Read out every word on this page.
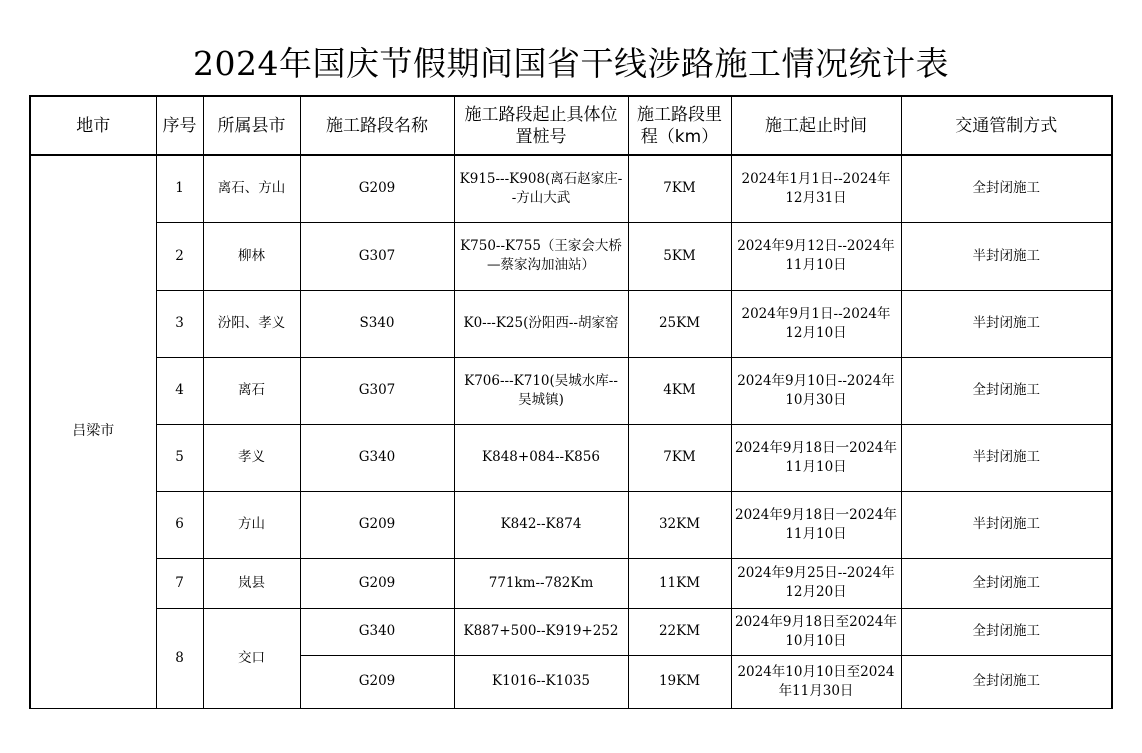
2024年国庆节假期间国省干线涉路施工情况统计表
地市	序号	所属县市	施工路段名称	施工路段起止具体位置桩号	施工路段里程（km）	施工起止时间	交通管制方式
吕梁市	1	离石、方山	G209	K915---K908(离石赵家庄--方山大武	7KM	2024年1月1日--2024年12月31日	全封闭施工
	2	柳林	G307	K750--K755（王家会大桥—蔡家沟加油站）	5KM	2024年9月12日--2024年11月10日	半封闭施工
	3	汾阳、孝义	S340	K0---K25(汾阳西--胡家窑	25KM	2024年9月1日--2024年12月10日	半封闭施工
	4	离石	G307	K706---K710(吴城水库--吴城镇)	4KM	2024年9月10日--2024年10月30日	全封闭施工
	5	孝义	G340	K848+084--K856	7KM	2024年9月18日一2024年11月10日	半封闭施工
	6	方山	G209	K842--K874	32KM	2024年9月18日一2024年11月10日	半封闭施工
	7	岚县	G209	771km--782Km	11KM	2024年9月25日--2024年12月20日	全封闭施工
	8	交口	G340	K887+500--K919+252	22KM	2024年9月18日至2024年10月10日	全封闭施工
			G209	K1016--K1035	19KM	2024年10月10日至2024年11月30日	全封闭施工
